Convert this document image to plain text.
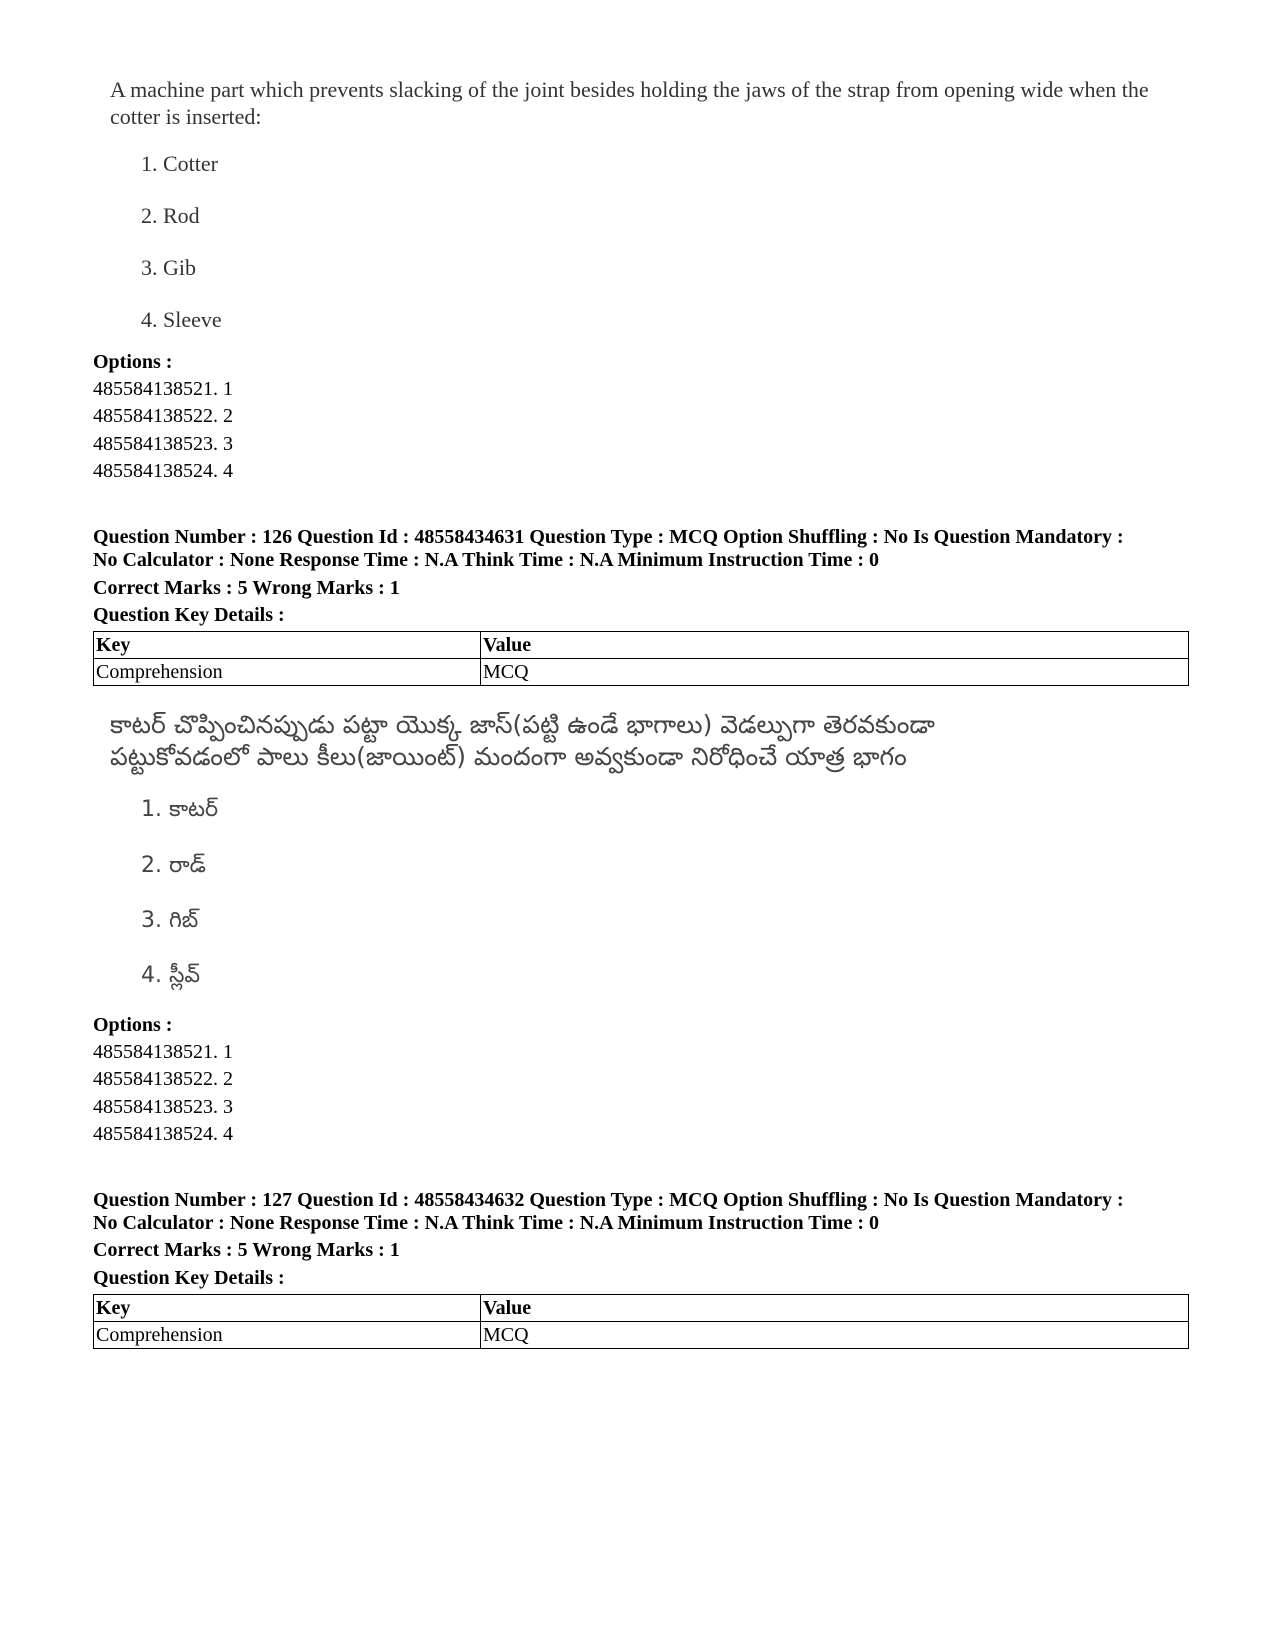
A machine part which prevents slacking of the joint besides holding the jaws of the strap from opening wide when the cotter is inserted:
1. Cotter
2. Rod
3. Gib
4. Sleeve
Options :
485584138521. 1
485584138522. 2
485584138523. 3
485584138524. 4
Question Number : 126 Question Id : 48558434631 Question Type : MCQ Option Shuffling : No Is Question Mandatory :
No Calculator : None Response Time : N.A Think Time : N.A Minimum Instruction Time : 0
Correct Marks : 5 Wrong Marks : 1
Question Key Details :
Key	Value
Comprehension	MCQ
కాటర్ చొప్పించినప్పుడు పట్టా యొక్క జాస్(పట్టి ఉండే భాగాలు) వెడల్పుగా తెరవకుండా
పట్టుకోవడంలో పాలు కీలు(జాయింట్) మందంగా అవ్వకుండా నిరోధించే యాత్ర భాగం
1. కాటర్
2. రాడ్
3. గిబ్
4. స్లీవ్
Options :
485584138521. 1
485584138522. 2
485584138523. 3
485584138524. 4
Question Number : 127 Question Id : 48558434632 Question Type : MCQ Option Shuffling : No Is Question Mandatory :
No Calculator : None Response Time : N.A Think Time : N.A Minimum Instruction Time : 0
Correct Marks : 5 Wrong Marks : 1
Question Key Details :
Key	Value
Comprehension	MCQ
